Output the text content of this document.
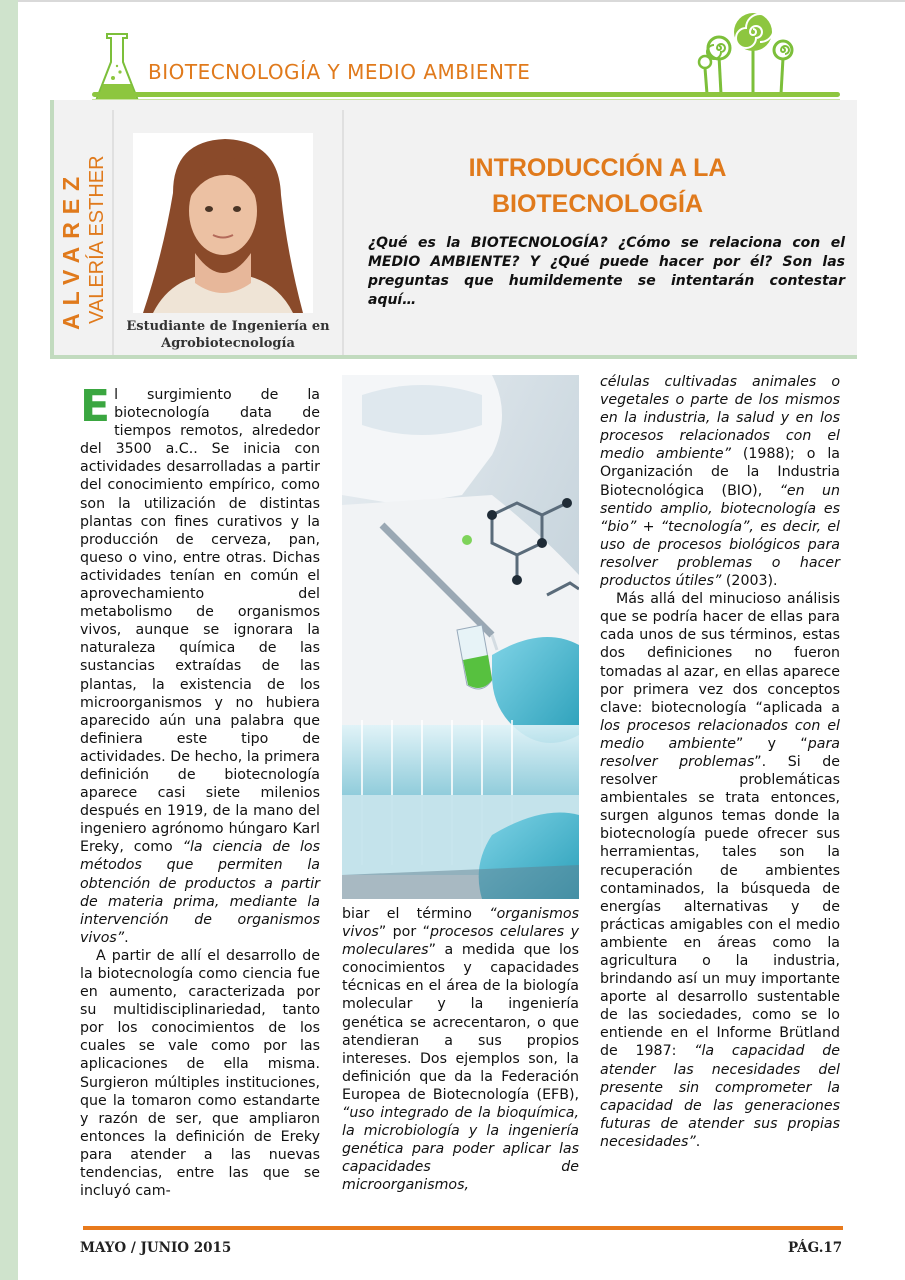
BIOTECNOLOGÍA Y MEDIO AMBIENTE
ALVAREZ VALERÍA ESTHER
Estudiante de Ingeniería en Agrobiotecnología
INTRODUCCIÓN A LA BIOTECNOLOGÍA
¿Qué es la BIOTECNOLOGÍA? ¿Cómo se relaciona con el MEDIO AMBIENTE? Y ¿Qué puede hacer por él? Son las preguntas que humildemente se intentarán contestar aquí…

El surgimiento de la biotecnología data de tiempos remotos, alrededor del 3500 a.C.. Se inicia con actividades desarrolladas a partir del conocimiento empírico, como son la utilización de distintas plantas con fines curativos y la producción de cerveza, pan, queso o vino, entre otras. Dichas actividades tenían en común el aprovechamiento del metabolismo de organismos vivos, aunque se ignorara la naturaleza química de las sustancias extraídas de las plantas, la existencia de los microorganismos y no hubiera aparecido aún una palabra que definiera este tipo de actividades. De hecho, la primera definición de biotecnología aparece casi siete milenios después en 1919, de la mano del ingeniero agrónomo húngaro Karl Ereky, como “la ciencia de los métodos que permiten la obtención de productos a partir de materia prima, mediante la intervención de organismos vivos”.

A partir de allí el desarrollo de la biotecnología como ciencia fue en aumento, caracterizada por su multidisciplinariedad, tanto por los conocimientos de los cuales se vale como por las aplicaciones de ella misma. Surgieron múltiples instituciones, que la tomaron como estandarte y razón de ser, que ampliaron entonces la definición de Ereky para atender a las nuevas tendencias, entre las que se incluyó cam-

biar el término “organismos vivos” por “procesos celulares y moleculares” a medida que los conocimientos y capacidades técnicas en el área de la biología molecular y la ingeniería genética se acrecentaron, o que atendieran a sus propios intereses. Dos ejemplos son, la definición que da la Federación Europea de Biotecnología (EFB), “uso integrado de la bioquímica, la microbiología y la ingeniería genética para poder aplicar las capacidades de microorganismos,

células cultivadas animales o vegetales o parte de los mismos en la industria, la salud y en los procesos relacionados con el medio ambiente” (1988); o la Organización de la Industria Biotecnológica (BIO), “en un sentido amplio, biotecnología es “bio” + “tecnología”, es decir, el uso de procesos biológicos para resolver problemas o hacer productos útiles” (2003).

Más allá del minucioso análisis que se podría hacer de ellas para cada unos de sus términos, estas dos definiciones no fueron tomadas al azar, en ellas aparece por primera vez dos conceptos clave: biotecnología “aplicada a los procesos relacionados con el medio ambiente” y “para resolver problemas”. Si de resolver problemáticas ambientales se trata entonces, surgen algunos temas donde la biotecnología puede ofrecer sus herramientas, tales son la recuperación de ambientes contaminados, la búsqueda de energías alternativas y de prácticas amigables con el medio ambiente en áreas como la agricultura o la industria, brindando así un muy importante aporte al desarrollo sustentable de las sociedades, como se lo entiende en el Informe Brütland de 1987: “la capacidad de atender las necesidades del presente sin comprometer la capacidad de las generaciones futuras de atender sus propias necesidades”.

MAYO / JUNIO 2015	PÁG.17
